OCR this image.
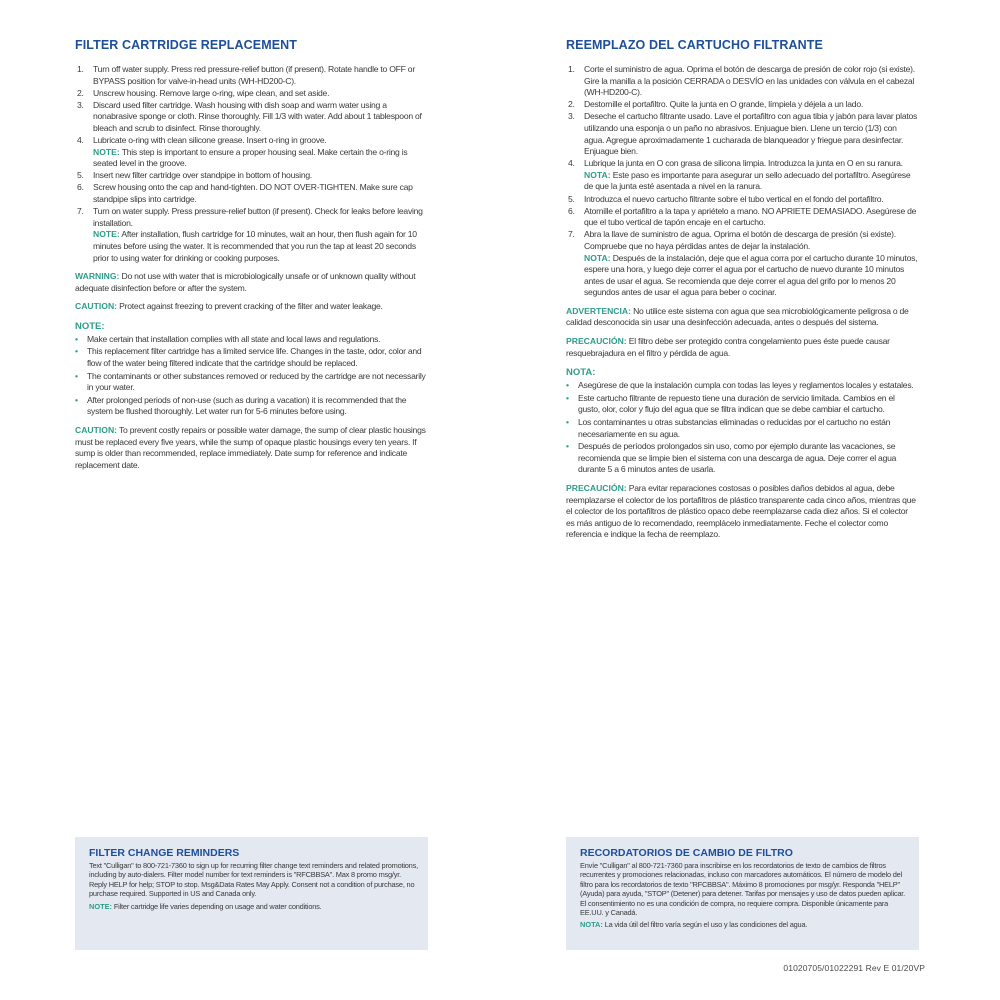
FILTER CARTRIDGE REPLACEMENT
1. Turn off water supply. Press red pressure-relief button (if present). Rotate handle to OFF or BYPASS position for valve-in-head units (WH-HD200-C).
2. Unscrew housing. Remove large o-ring, wipe clean, and set aside.
3. Discard used filter cartridge. Wash housing with dish soap and warm water using a nonabrasive sponge or cloth. Rinse thoroughly. Fill 1/3 with water. Add about 1 tablespoon of bleach and scrub to disinfect. Rinse thoroughly.
4. Lubricate o-ring with clean silicone grease. Insert o-ring in groove.
NOTE: This step is important to ensure a proper housing seal. Make certain the o-ring is seated level in the groove.
5. Insert new filter cartridge over standpipe in bottom of housing.
6. Screw housing onto the cap and hand-tighten. DO NOT OVER-TIGHTEN. Make sure cap standpipe slips into cartridge.
7. Turn on water supply. Press pressure-relief button (if present). Check for leaks before leaving installation.
NOTE: After installation, flush cartridge for 10 minutes, wait an hour, then flush again for 10 minutes before using the water. It is recommended that you run the tap at least 20 seconds prior to using water for drinking or cooking purposes.

WARNING: Do not use with water that is microbiologically unsafe or of unknown quality without adequate disinfection before or after the system.

CAUTION: Protect against freezing to prevent cracking of the filter and water leakage.

NOTE:
• Make certain that installation complies with all state and local laws and regulations.
• This replacement filter cartridge has a limited service life. Changes in the taste, odor, color and flow of the water being filtered indicate that the cartridge should be replaced.
• The contaminants or other substances removed or reduced by the cartridge are not necessarily in your water.
• After prolonged periods of non-use (such as during a vacation) it is recommended that the system be flushed thoroughly. Let water run for 5-6 minutes before using.

CAUTION: To prevent costly repairs or possible water damage, the sump of clear plastic housings must be replaced every five years, while the sump of opaque plastic housings every ten years. If sump is older than recommended, replace immediately. Date sump for reference and indicate replacement date.

REEMPLAZO DEL CARTUCHO FILTRANTE
1. Corte el suministro de agua. Oprima el botón de descarga de presión de color rojo (si existe). Gire la manilla a la posición CERRADA o DESVÍO en las unidades con válvula en el cabezal (WH-HD200-C).
2. Destornille el portafiltro. Quite la junta en O grande, límpiela y déjela a un lado.
3. Deseche el cartucho filtrante usado. Lave el portafiltro con agua tibia y jabón para lavar platos utilizando una esponja o un paño no abrasivos. Enjuague bien. Llene un tercio (1/3) con agua. Agregue aproximadamente 1 cucharada de blanqueador y friegue para desinfectar. Enjuague bien.
4. Lubrique la junta en O con grasa de silicona limpia. Introduzca la junta en O en su ranura.
NOTA: Este paso es importante para asegurar un sello adecuado del portafiltro. Asegúrese de que la junta esté asentada a nivel en la ranura.
5. Introduzca el nuevo cartucho filtrante sobre el tubo vertical en el fondo del portafiltro.
6. Atornille el portafiltro a la tapa y apriételo a mano. NO APRIETE DEMASIADO. Asegúrese de que el tubo vertical de tapón encaje en el cartucho.
7. Abra la llave de suministro de agua. Oprima el botón de descarga de presión (si existe). Compruebe que no haya pérdidas antes de dejar la instalación.
NOTA: Después de la instalación, deje que el agua corra por el cartucho durante 10 minutos, espere una hora, y luego deje correr el agua por el cartucho de nuevo durante 10 minutos antes de usar el agua. Se recomienda que deje correr el agua del grifo por lo menos 20 segundos antes de usar el agua para beber o cocinar.

ADVERTENCIA: No utilice este sistema con agua que sea microbiológicamente peligrosa o de calidad desconocida sin usar una desinfección adecuada, antes o después del sistema.

PRECAUCIÓN: El filtro debe ser protegido contra congelamiento pues éste puede causar resquebrajadura en el filtro y pérdida de agua.

NOTA:
• Asegúrese de que la instalación cumpla con todas las leyes y reglamentos locales y estatales.
• Este cartucho filtrante de repuesto tiene una duración de servicio limitada. Cambios en el gusto, olor, color y flujo del agua que se filtra indican que se debe cambiar el cartucho.
• Los contaminantes u otras substancias eliminadas o reducidas por el cartucho no están necesariamente en su agua.
• Después de períodos prolongados sin uso, como por ejemplo durante las vacaciones, se recomienda que se limpie bien el sistema con una descarga de agua. Deje correr el agua durante 5 a 6 minutos antes de usarla.

PRECAUCIÓN: Para evitar reparaciones costosas o posibles daños debidos al agua, debe reemplazarse el colector de los portafiltros de plástico transparente cada cinco años, mientras que el colector de los portafiltros de plástico opaco debe reemplazarse cada diez años. Si el colector es más antiguo de lo recomendado, reemplácelo inmediatamente. Feche el colector como referencia e indique la fecha de reemplazo.

FILTER CHANGE REMINDERS

Text "Culligan" to 800-721-7360 to sign up for recurring filter change text reminders and related promotions, including by auto-dialers. Filter model number for text reminders is "RFCBBSA". Max 8 promo msg/yr. Reply HELP for help; STOP to stop. Msg&Data Rates May Apply. Consent not a condition of purchase, no purchase required. Supported in US and Canada only.

NOTE: Filter cartridge life varies depending on usage and water conditions.

RECORDATORIOS DE CAMBIO DE FILTRO

Envíe "Culligan" al 800-721-7360 para inscribirse en los recordatorios de texto de cambios de filtros recurrentes y promociones relacionadas, incluso con marcadores automáticos. El número de modelo del filtro para los recordatorios de texto "RFCBBSA". Máximo 8 promociones por msg/yr. Responda "HELP" (Ayuda) para ayuda, "STOP" (Detener) para detener. Tarifas por mensajes y uso de datos pueden aplicar. El consentimiento no es una condición de compra, no requiere compra. Disponible únicamente para EE.UU. y Canadá.

NOTA: La vida útil del filtro varía según el uso y las condiciones del agua.

01020705/01022291 Rev E 01/20VP
